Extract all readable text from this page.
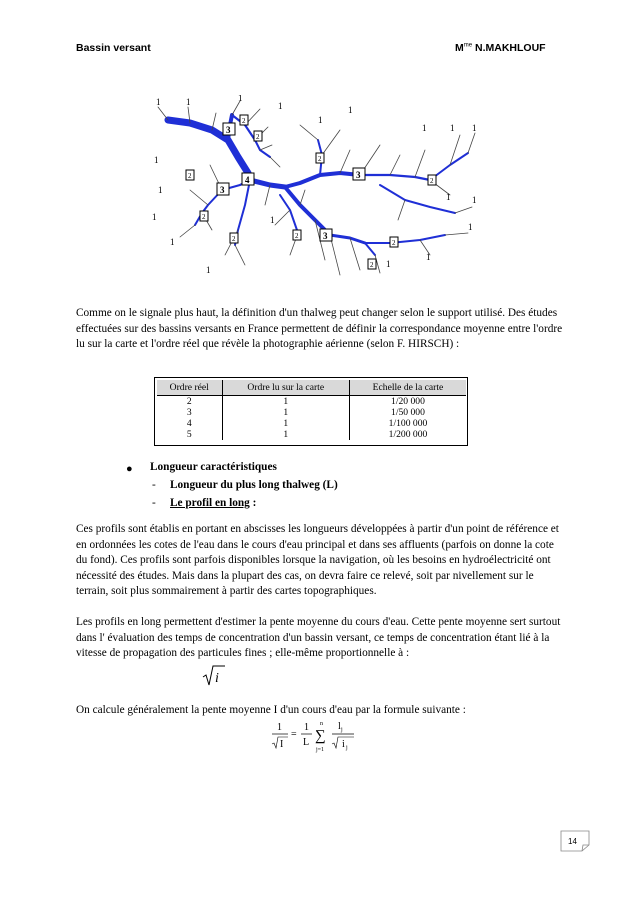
Bassin versant	$M^{me}$ N.MAKHLOUF
1	1	1
1
1
1
1	1 1
1
1
1
1
1
1
1
1 1
1
1
3
3
4	3
3
2
2
2
2
2	2
2
2
2
2

Comme on le signale plus haut, la définition d'un thalweg peut changer selon le support utilisé. Des études effectuées sur des bassins versants en France permettent de définir la correspondance moyenne entre l'ordre lu sur la carte et l'ordre réel que révèle la photographie aérienne (selon F. HIRSCH) :

Ordre réel	Ordre lu sur la carte	Echelle de la carte
2	1	1/20 000
3	1	1/50 000
4	1	1/100 000
5	1	1/200 000
● Longueur caractéristiques
- Longueur du plus long thalweg (L)
- Le profil en long :

Ces profils sont établis en portant en abscisses les longueurs développées à partir d'un point de référence et en ordonnées les cotes de l'eau dans le cours d'eau principal et dans ses affluents (parfois on donne la cote du fond). Ces profils sont parfois disponibles lorsque la navigation, où les besoins en hydroélectricité ont nécessité des études. Mais dans la plupart des cas, on devra faire ce relevé, soit par nivellement sur le terrain, soit plus sommairement à partir des cartes topographiques.

Les profils en long permettent d'estimer la pente moyenne du cours d'eau. Cette pente moyenne sert surtout dans l' évaluation des temps de concentration d'un bassin versant, ce temps de concentration étant lié à la vitesse de propagation des particules fines ; elle-même proportionnelle à :

i

On calcule généralement la pente moyenne I d'un cours d'eau par la formule suivante :

1
I
=
1
L
n
∑
j=1
l j
i j
14
